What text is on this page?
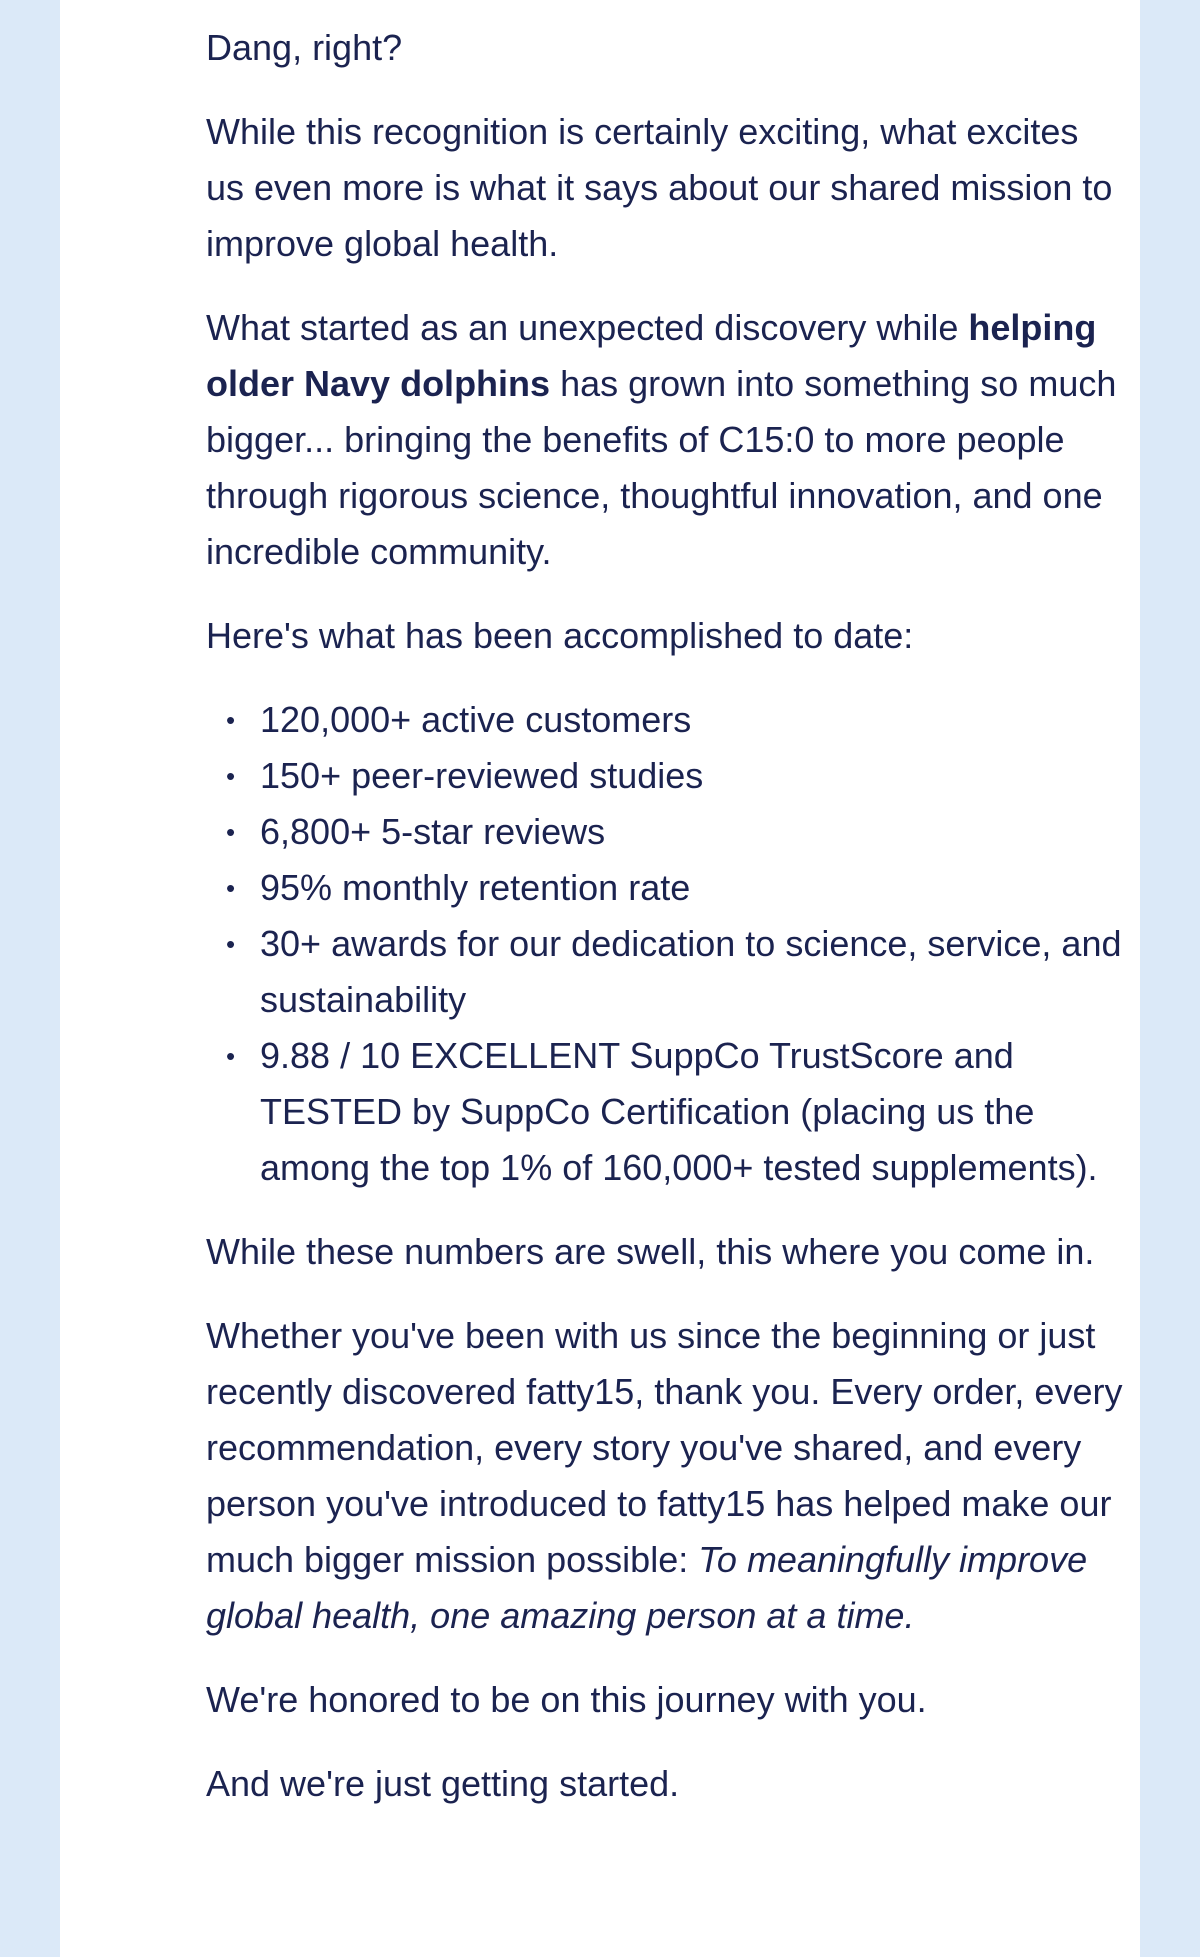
Dang, right?

While this recognition is certainly exciting, what excites us even more is what it says about our shared mission to improve global health.

What started as an unexpected discovery while helping older Navy dolphins has grown into something so much bigger... bringing the benefits of C15:0 to more people through rigorous science, thoughtful innovation, and one incredible community.

Here's what has been accomplished to date:

• 120,000+ active customers
• 150+ peer-reviewed studies
• 6,800+ 5-star reviews
• 95% monthly retention rate
• 30+ awards for our dedication to science, service, and sustainability
• 9.88 / 10 EXCELLENT SuppCo TrustScore and TESTED by SuppCo Certification (placing us the among the top 1% of 160,000+ tested supplements).

While these numbers are swell, this where you come in.

Whether you've been with us since the beginning or just recently discovered fatty15, thank you. Every order, every recommendation, every story you've shared, and every person you've introduced to fatty15 has helped make our much bigger mission possible: To meaningfully improve global health, one amazing person at a time.

We're honored to be on this journey with you.

And we're just getting started.
